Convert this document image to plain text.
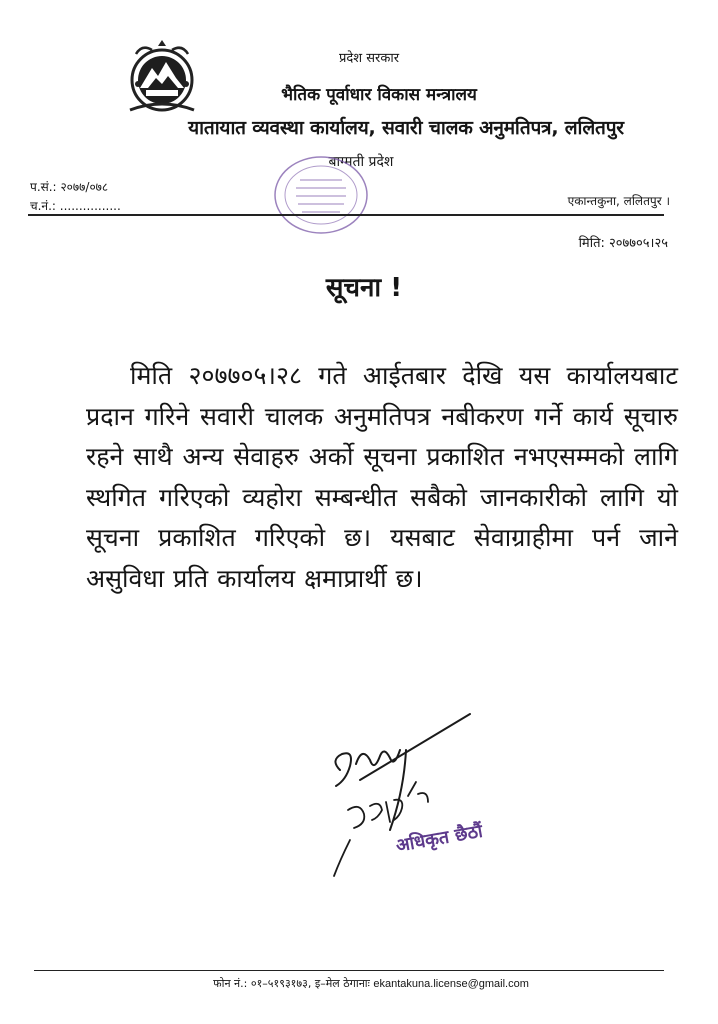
प्रदेश सरकार
भैतिक पूर्वाधार विकास मन्त्रालय
यातायात व्यवस्था कार्यालय, सवारी चालक अनुमतिपत्र, ललितपुर
बाग्मती प्रदेश
प.सं.: २०७७/०७८
च.नं.: ................	एकान्तकुना, ललितपुर ।
मिति: २०७७०५।२५
सूचना !
मिति २०७७०५।२८ गते आईतबार देखि यस कार्यालयबाट प्रदान गरिने सवारी चालक अनुमतिपत्र नबीकरण गर्ने कार्य सूचारु रहने साथै अन्य सेवाहरु अर्को सूचना प्रकाशित नभएसम्मको लागि स्थगित गरिएको व्यहोरा सम्बन्धीत सबैको जानकारीको लागि यो सूचना प्रकाशित गरिएको छ। यसबाट सेवाग्राहीमा पर्न जाने असुविधा प्रति कार्यालय क्षमाप्रार्थी छ।
अधिकृत छैठौं
फोन नं.: ०१–५१९३१७३, इ–मेल ठेगानाः ekantakuna.license@gmail.com
